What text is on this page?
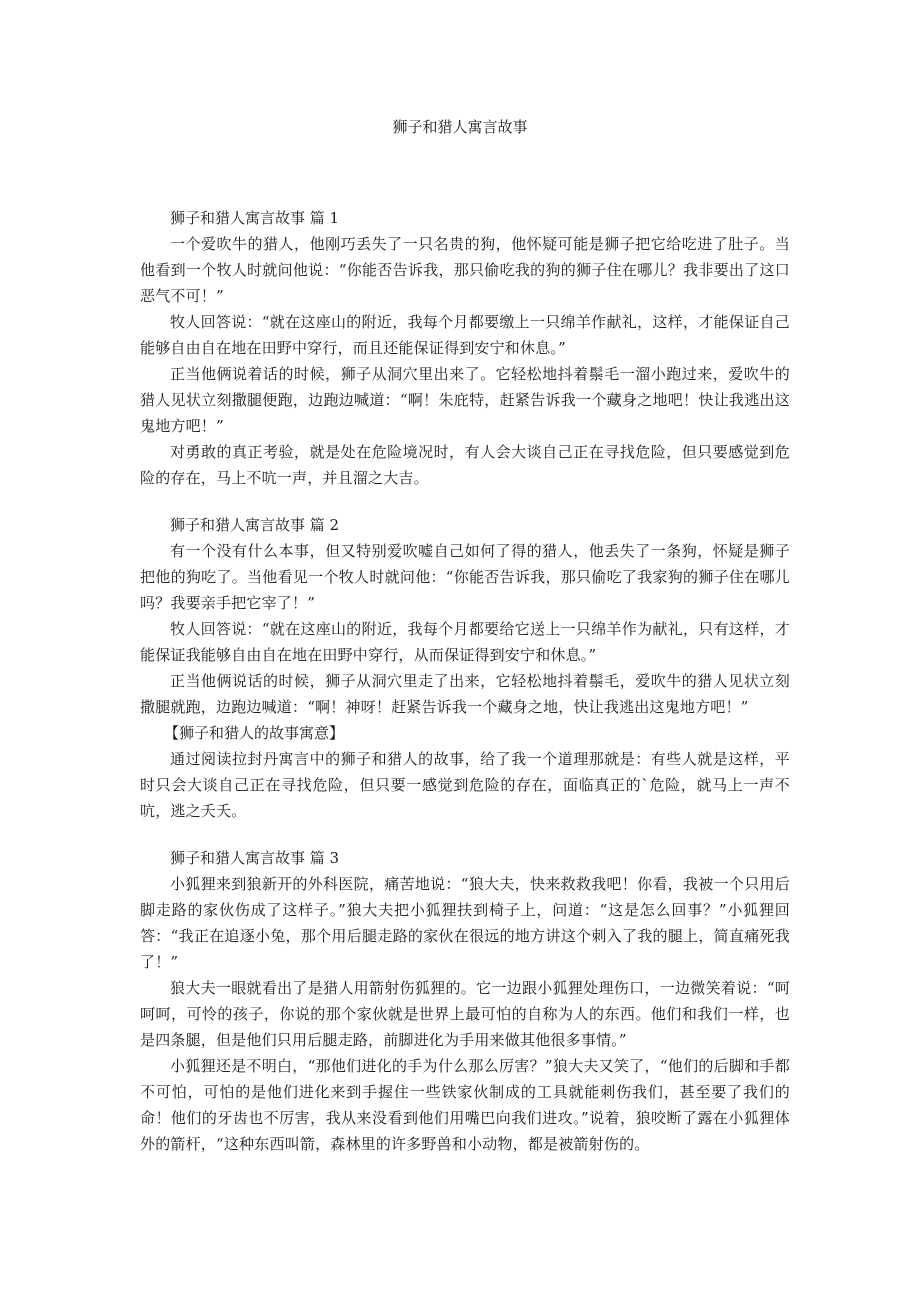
狮子和猎人寓言故事

狮子和猎人寓言故事 篇 1

一个爱吹牛的猎人，他刚巧丢失了一只名贵的狗，他怀疑可能是狮子把它给吃进了肚子。当他看到一个牧人时就问他说：“你能否告诉我，那只偷吃我的狗的狮子住在哪儿？我非要出了这口恶气不可！”

牧人回答说：“就在这座山的附近，我每个月都要缴上一只绵羊作献礼，这样，才能保证自己能够自由自在地在田野中穿行，而且还能保证得到安宁和休息。”

正当他俩说着话的时候，狮子从洞穴里出来了。它轻松地抖着鬃毛一溜小跑过来，爱吹牛的猎人见状立刻撒腿便跑，边跑边喊道：“啊！朱庇特，赶紧告诉我一个藏身之地吧！快让我逃出这鬼地方吧！”

对勇敢的真正考验，就是处在危险境况时，有人会大谈自己正在寻找危险，但只要感觉到危险的存在，马上不吭一声，并且溜之大吉。

狮子和猎人寓言故事 篇 2

有一个没有什么本事，但又特别爱吹嘘自己如何了得的猎人，他丢失了一条狗，怀疑是狮子把他的狗吃了。当他看见一个牧人时就问他：“你能否告诉我，那只偷吃了我家狗的狮子住在哪儿吗？我要亲手把它宰了！”

牧人回答说：“就在这座山的附近，我每个月都要给它送上一只绵羊作为献礼，只有这样，才能保证我能够自由自在地在田野中穿行，从而保证得到安宁和休息。”

正当他俩说话的时候，狮子从洞穴里走了出来，它轻松地抖着鬃毛，爱吹牛的猎人见状立刻撒腿就跑，边跑边喊道：“啊！神呀！赶紧告诉我一个藏身之地，快让我逃出这鬼地方吧！”

【狮子和猎人的故事寓意】

通过阅读拉封丹寓言中的狮子和猎人的故事，给了我一个道理那就是：有些人就是这样，平时只会大谈自己正在寻找危险，但只要一感觉到危险的存在，面临真正的`危险，就马上一声不吭，逃之夭夭。

狮子和猎人寓言故事 篇 3

小狐狸来到狼新开的外科医院，痛苦地说：“狼大夫，快来救救我吧！你看，我被一个只用后脚走路的家伙伤成了这样子。”狼大夫把小狐狸扶到椅子上，问道：“这是怎么回事？”小狐狸回答：“我正在追逐小兔，那个用后腿走路的家伙在很远的地方讲这个刺入了我的腿上，简直痛死我了！”

狼大夫一眼就看出了是猎人用箭射伤狐狸的。它一边跟小狐狸处理伤口，一边微笑着说：“呵呵呵，可怜的孩子，你说的那个家伙就是世界上最可怕的自称为人的东西。他们和我们一样，也是四条腿，但是他们只用后腿走路，前脚进化为手用来做其他很多事情。”

小狐狸还是不明白，“那他们进化的手为什么那么厉害？”狼大夫又笑了，“他们的后脚和手都不可怕，可怕的是他们进化来到手握住一些铁家伙制成的工具就能刺伤我们，甚至要了我们的命！他们的牙齿也不厉害，我从来没看到他们用嘴巴向我们进攻。”说着，狼咬断了露在小狐狸体外的箭杆，“这种东西叫箭，森林里的许多野兽和小动物，都是被箭射伤的。
